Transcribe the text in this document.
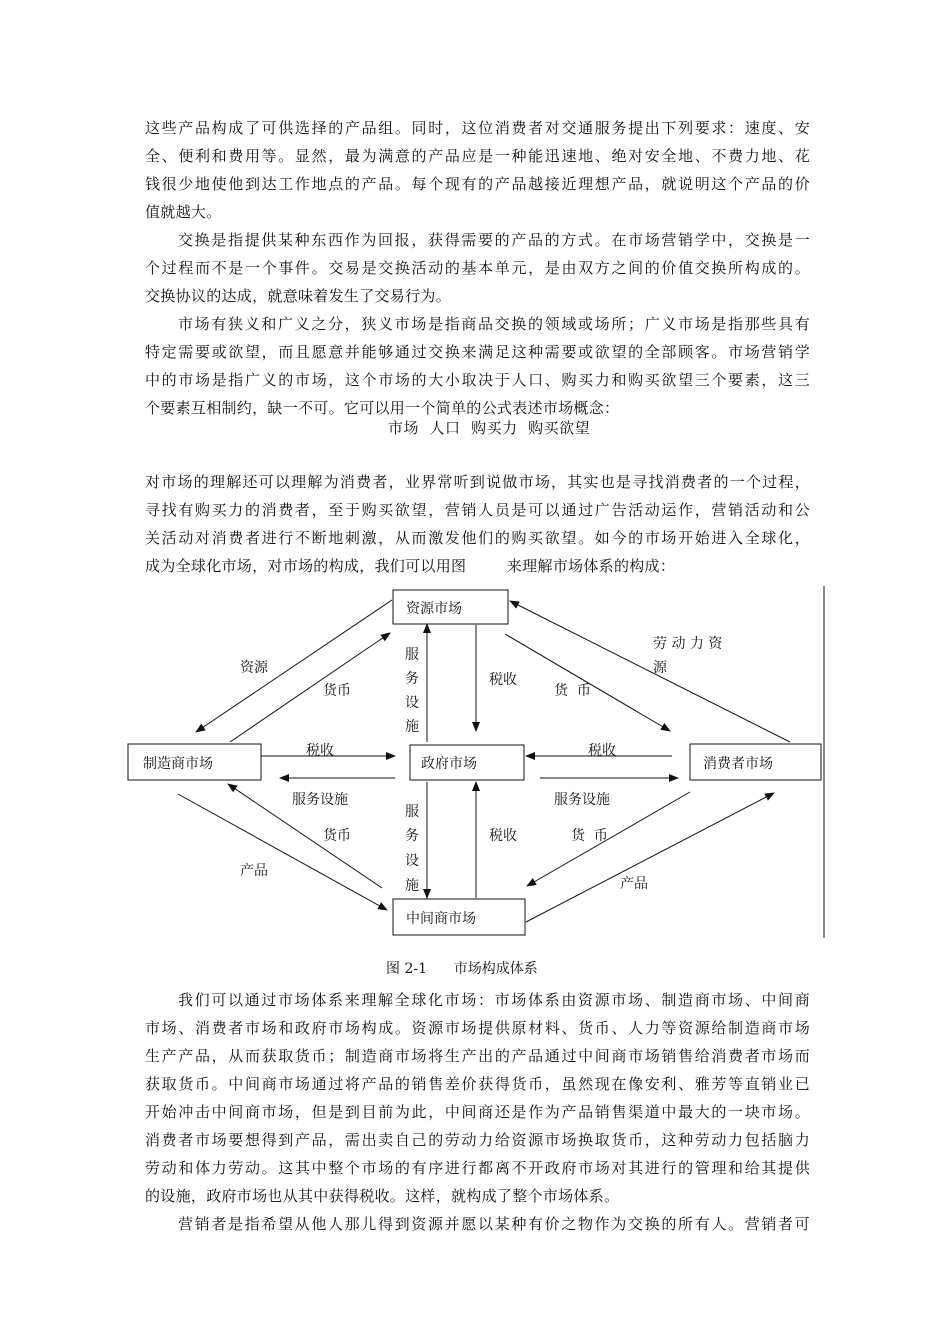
这些产品构成了可供选择的产品组。同时，这位消费者对交通服务提出下列要求：速度、安
全、便利和费用等。显然，最为满意的产品应是一种能迅速地、绝对安全地、不费力地、花
钱很少地使他到达工作地点的产品。每个现有的产品越接近理想产品，就说明这个产品的价
值就越大。
交换是指提供某种东西作为回报，获得需要的产品的方式。在市场营销学中，交换是一
个过程而不是一个事件。交易是交换活动的基本单元，是由双方之间的价值交换所构成的。
交换协议的达成，就意味着发生了交易行为。
市场有狭义和广义之分，狭义市场是指商品交换的领域或场所；广义市场是指那些具有
特定需要或欲望，而且愿意并能够通过交换来满足这种需要或欲望的全部顾客。市场营销学
中的市场是指广义的市场，这个市场的大小取决于人口、购买力和购买欲望三个要素，这三
个要素互相制约，缺一不可。它可以用一个简单的公式表述市场概念：
市场  人口  购买力  购买欲望
对市场的理解还可以理解为消费者，业界常听到说做市场，其实也是寻找消费者的一个过程，
寻找有购买力的消费者，至于购买欲望，营销人员是可以通过广告活动运作，营销活动和公
关活动对消费者进行不断地刺激，从而激发他们的购买欲望。如今的市场开始进入全球化，
成为全球化市场，对市场的构成，我们可以用图        来理解市场体系的构成：
资源市场
制造商市场	政府市场	消费者市场
中间商市场
资源
货币
服
务
设
施
税收
货  币
劳 动 力 资
源
税收	税收
服务设施	服务设施
货币
服
务
设
施
税收	货  币
产品
产品
图 2-1      市场构成体系
我们可以通过市场体系来理解全球化市场：市场体系由资源市场、制造商市场、中间商
市场、消费者市场和政府市场构成。资源市场提供原材料、货币、人力等资源给制造商市场
生产产品，从而获取货币；制造商市场将生产出的产品通过中间商市场销售给消费者市场而
获取货币。中间商市场通过将产品的销售差价获得货币，虽然现在像安利、雅芳等直销业已
开始冲击中间商市场，但是到目前为此，中间商还是作为产品销售渠道中最大的一块市场。
消费者市场要想得到产品，需出卖自己的劳动力给资源市场换取货币，这种劳动力包括脑力
劳动和体力劳动。这其中整个市场的有序进行都离不开政府市场对其进行的管理和给其提供
的设施，政府市场也从其中获得税收。这样，就构成了整个市场体系。
营销者是指希望从他人那儿得到资源并愿以某种有价之物作为交换的所有人。营销者可
